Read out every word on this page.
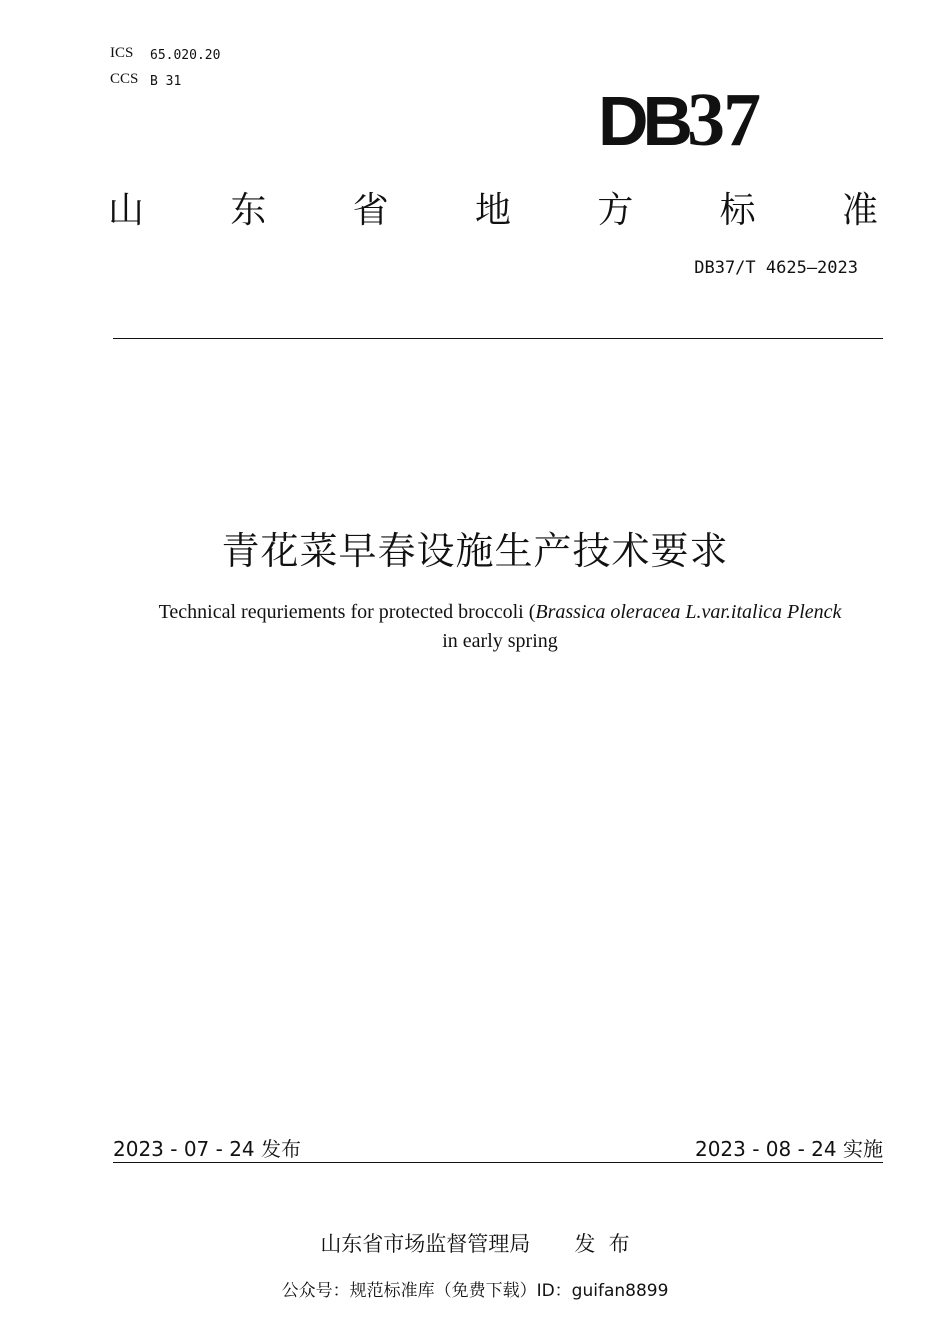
ICS 65.020.20
CCS B 31
DB37
山 东 省 地 方 标 准
DB37/T 4625—2023
青花菜早春设施生产技术要求
Technical requriements for protected broccoli (Brassica oleracea L.var.italica Plenck
in early spring
2023 - 07 - 24 发布	2023 - 08 - 24 实施
山东省市场监督管理局 发  布
公众号：规范标准库（免费下载）ID：guifan8899
